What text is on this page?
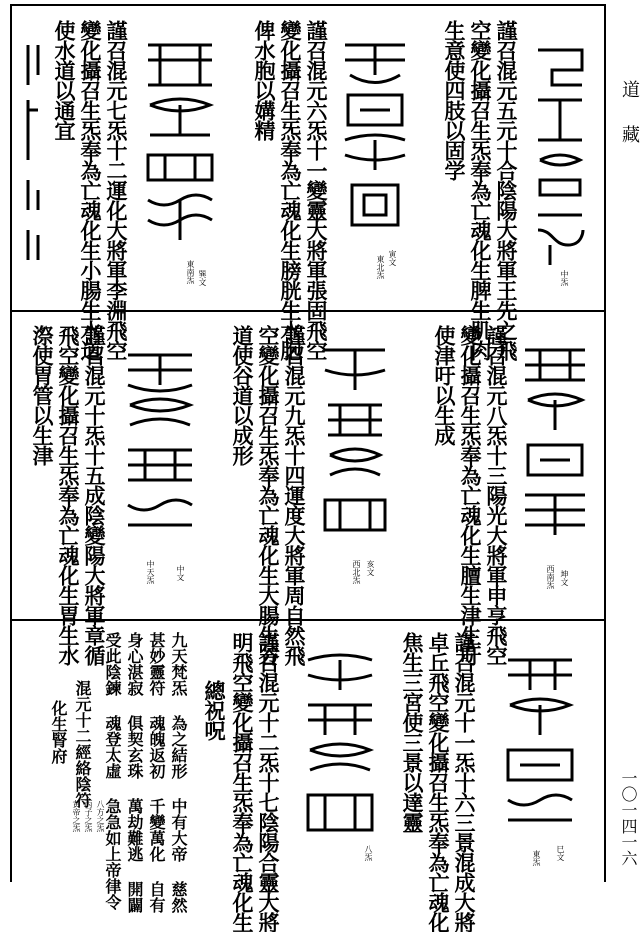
中炁
謹召混元五元十合陰陽大將軍王先之飛
空變化攝召生炁奉為亡魂化生脾生肌肉
生意使四肢以固学
寅文
東北炁
謹召混元六炁十一變靈大將軍張固飛空
變化攝召生炁奉為亡魂化生膀胱生水胞
俾水胞以媾精
巽文
東南炁
謹召混元七炁十二運化大將軍李淵飛空
變化攝召生炁奉為亡魂化生小腸生水道
使水道以通宜
坤文
西南炁
謹召混元八炁十三陽光大將軍申亨飛空
變化攝召生炁奉為亡魂化生膻生津生吁
使津吁以生成
亥文
西北炁
謹召混元九炁十四運度大將軍周自然飛
空變化攝召生炁奉為亡魂化生大腸生谷
道使谷道以成形
中文
中天炁
謹召混元十炁十五成陰變陽大將軍章循
飛空變化攝召生炁奉為亡魂化生胃生水
漈使胃管以生津
巳文
東炁
謹召混元十一炁十六三景混成大將
卓丘飛空變化攝召生炁奉為亡魂化
焦生三宮使三景以達靈
八炁
謹召混元十二炁十七陰陽合靈大將
明飛空變化攝召生炁奉為亡魂化生
總祝呪
九天梵炁 為之結形 中有大帝 慈然
甚妙靈符 魂魄返初 千變萬化 自有
身心湛寂 俱契玄珠 萬劫難逃 開闢
受此陰鍊 魂登太虛 急急如上帝律令
混元十二經絡陰符
化生腎府
八方之炁
丙子之炁
黃帝之炁
道
藏
一〇一四一六
